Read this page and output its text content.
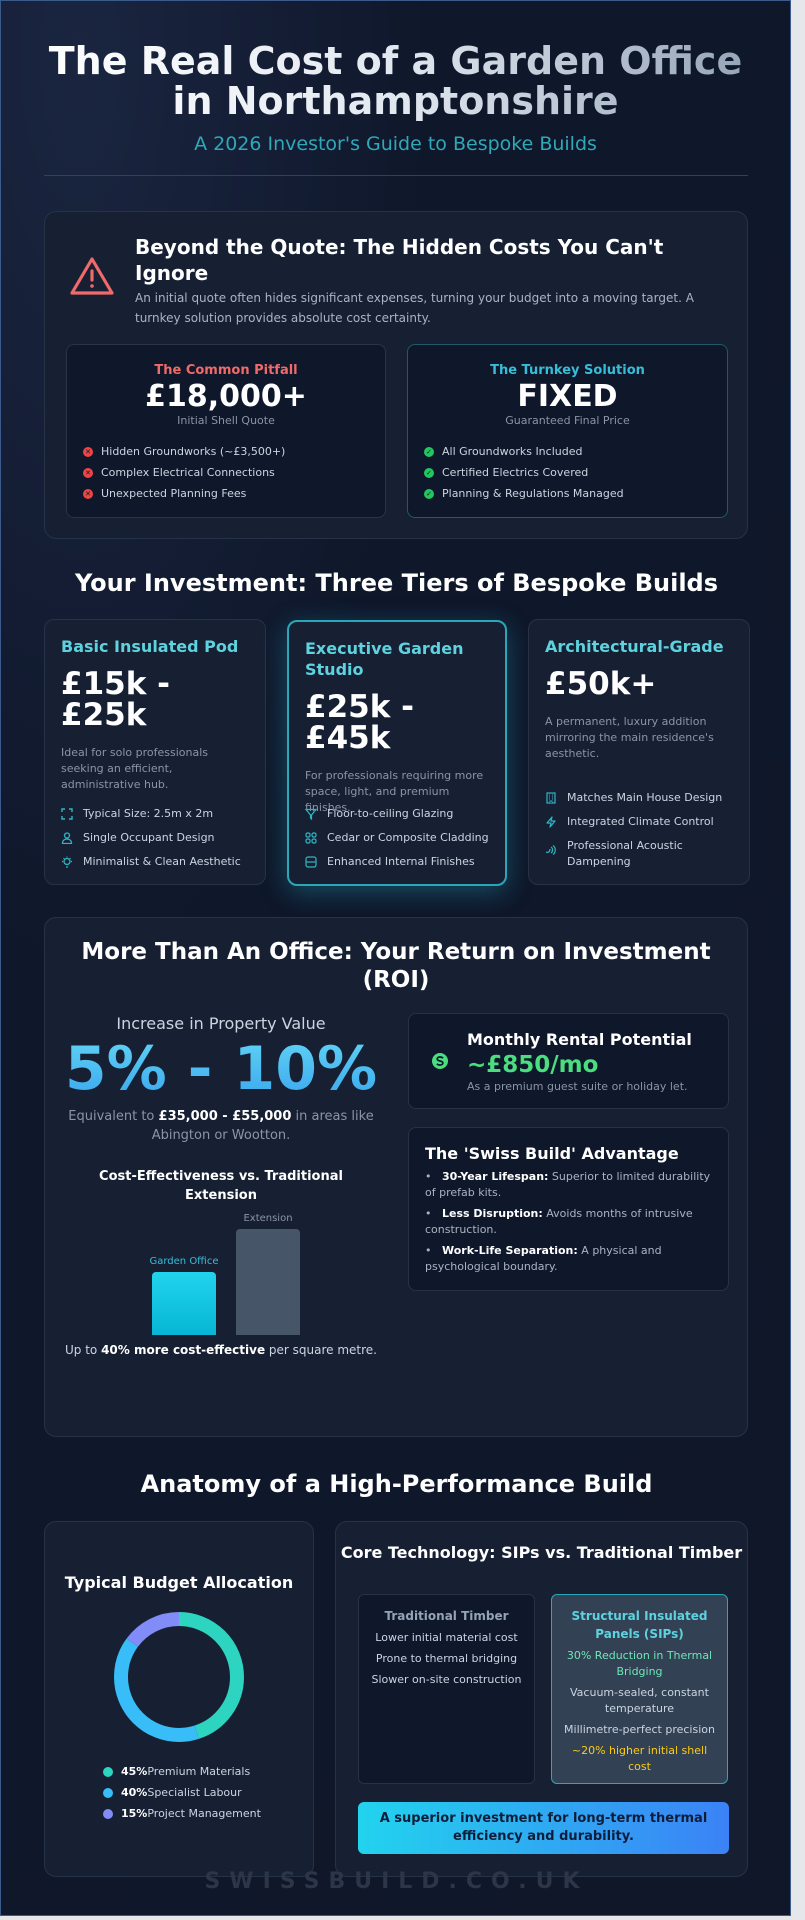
The Real Cost of a Garden Office in Northamptonshire
A 2026 Investor's Guide to Bespoke Builds
Beyond the Quote: The Hidden Costs You Can't Ignore

An initial quote often hides significant expenses, turning your budget into a moving target. A turnkey solution provides absolute cost certainty.

The Common Pitfall
£18,000+
Initial Shell Quote
✕ Hidden Groundworks (~£3,500+)
✕ Complex Electrical Connections
✕ Unexpected Planning Fees
The Turnkey Solution
FIXED
Guaranteed Final Price
✓ All Groundworks Included
✓ Certified Electrics Covered
✓ Planning & Regulations Managed
Your Investment: Three Tiers of Bespoke Builds
Basic Insulated Pod
£15k - £25k
Ideal for solo professionals seeking an efficient, administrative hub.
Typical Size: 2.5m x 2m
Single Occupant Design
Minimalist & Clean Aesthetic
Executive Garden Studio
£25k - £45k
For professionals requiring more space, light, and premium finishes.
Floor-to-ceiling Glazing
Cedar or Composite Cladding
Enhanced Internal Finishes
Architectural-Grade
£50k+
A permanent, luxury addition mirroring the main residence's aesthetic.
Matches Main House Design
Integrated Climate Control
Professional Acoustic Dampening
More Than An Office: Your Return on Investment (ROI)
Increase in Property Value
5% - 10%
Equivalent to £35,000 - £55,000 in areas like Abington or Wootton.
Cost-Effectiveness vs. Traditional Extension
Garden Office
Extension
Up to 40% more cost-effective per square metre.
Monthly Rental Potential
~£850/mo
As a premium guest suite or holiday let.
The 'Swiss Build' Advantage
•   30-Year Lifespan: Superior to limited durability of prefab kits.
•   Less Disruption: Avoids months of intrusive construction.
•   Work-Life Separation: A physical and psychological boundary.
Anatomy of a High-Performance Build
Typical Budget Allocation
45% Premium Materials
40% Specialist Labour
15% Project Management
Core Technology: SIPs vs. Traditional Timber
Traditional Timber

Lower initial material cost

Prone to thermal bridging

Slower on-site construction

Structural Insulated Panels (SIPs)

30% Reduction in Thermal Bridging

Vacuum-sealed, constant temperature

Millimetre-perfect precision

~20% higher initial shell cost

A superior investment for long-term thermal efficiency and durability.
SWISSBUILD.CO.UK
